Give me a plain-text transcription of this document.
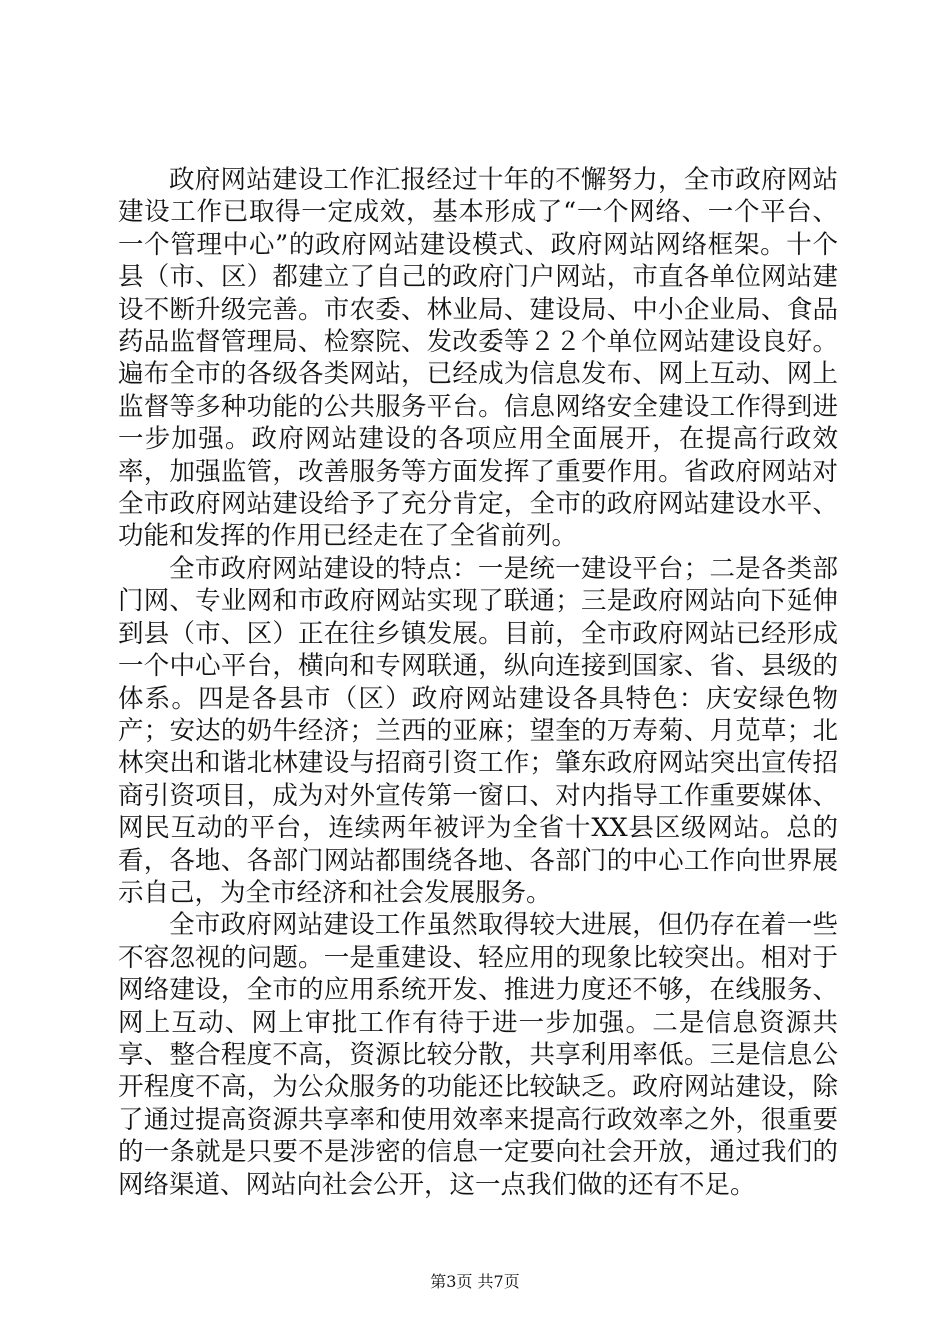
政府网站建设工作汇报经过十年的不懈努力，全市政府网站建设工作已取得一定成效，基本形成了“一个网络、一个平台、一个管理中心”的政府网站建设模式、政府网站网络框架。十个县（市、区）都建立了自己的政府门户网站，市直各单位网站建设不断升级完善。市农委、林业局、建设局、中小企业局、食品药品监督管理局、检察院、发改委等２２个单位网站建设良好。遍布全市的各级各类网站，已经成为信息发布、网上互动、网上监督等多种功能的公共服务平台。信息网络安全建设工作得到进一步加强。政府网站建设的各项应用全面展开，在提高行政效率，加强监管，改善服务等方面发挥了重要作用。省政府网站对全市政府网站建设给予了充分肯定，全市的政府网站建设水平、功能和发挥的作用已经走在了全省前列。

全市政府网站建设的特点：一是统一建设平台；二是各类部门网、专业网和市政府网站实现了联通；三是政府网站向下延伸到县（市、区）正在往乡镇发展。目前，全市政府网站已经形成一个中心平台，横向和专网联通，纵向连接到国家、省、县级的体系。四是各县市（区）政府网站建设各具特色：庆安绿色物产；安达的奶牛经济；兰西的亚麻；望奎的万寿菊、月苋草；北林突出和谐北林建设与招商引资工作；肇东政府网站突出宣传招商引资项目，成为对外宣传第一窗口、对内指导工作重要媒体、网民互动的平台，连续两年被评为全省十XX县区级网站。总的看，各地、各部门网站都围绕各地、各部门的中心工作向世界展示自己，为全市经济和社会发展服务。

全市政府网站建设工作虽然取得较大进展，但仍存在着一些不容忽视的问题。一是重建设、轻应用的现象比较突出。相对于网络建设，全市的应用系统开发、推进力度还不够，在线服务、网上互动、网上审批工作有待于进一步加强。二是信息资源共享、整合程度不高，资源比较分散，共享利用率低。三是信息公开程度不高，为公众服务的功能还比较缺乏。政府网站建设，除了通过提高资源共享率和使用效率来提高行政效率之外，很重要的一条就是只要不是涉密的信息一定要向社会开放，通过我们的网络渠道、网站向社会公开，这一点我们做的还有不足。

第3页 共7页
